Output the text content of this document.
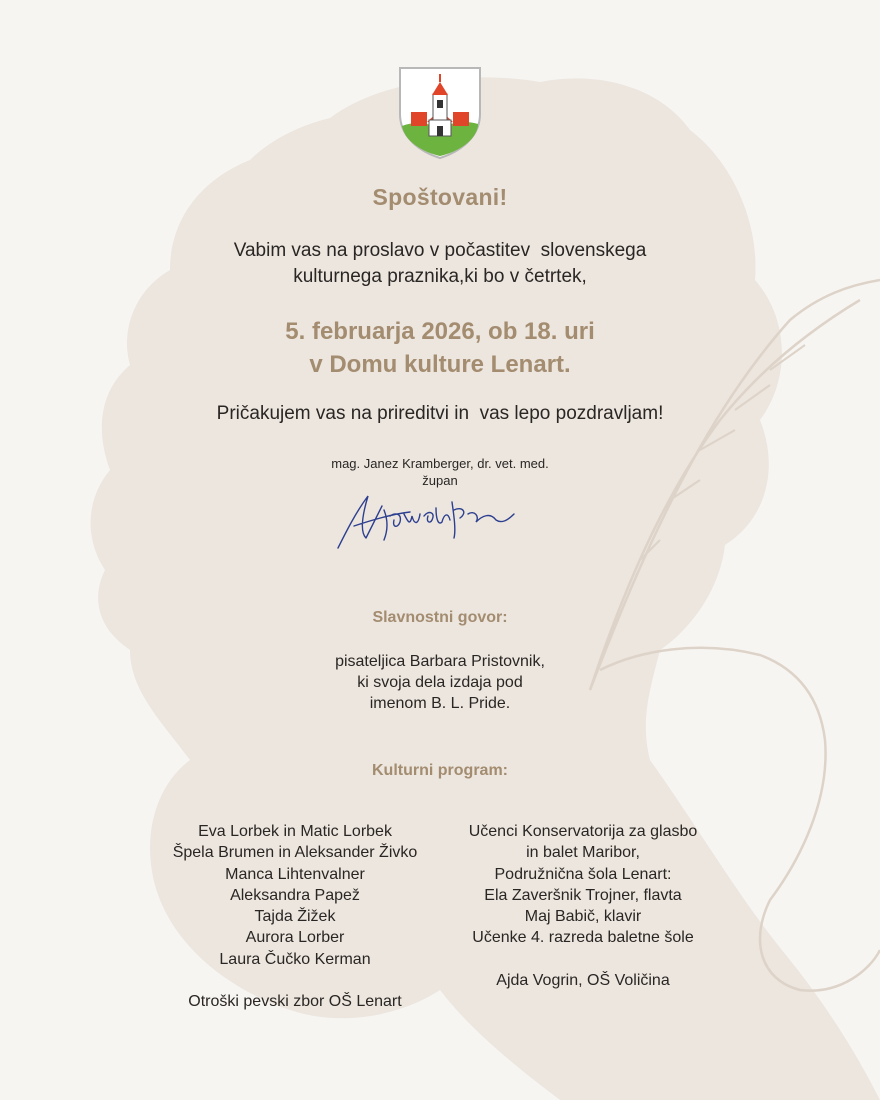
Spoštovani!
Vabim vas na proslavo v počastitev  slovenskega
kulturnega praznika,ki bo v četrtek,
5. februarja 2026, ob 18. uri
v Domu kulture Lenart.
Pričakujem vas na prireditvi in  vas lepo pozdravljam!
mag. Janez Kramberger, dr. vet. med.
župan
Slavnostni govor:
pisateljica Barbara Pristovnik,
ki svoja dela izdaja pod
imenom B. L. Pride.
Kulturni program:
Eva Lorbek in Matic Lorbek
Špela Brumen in Aleksander Živko
Manca Lihtenvalner
Aleksandra Papež
Tajda Žižek
Aurora Lorber
Laura Čučko Kerman
Otroški pevski zbor OŠ Lenart
Učenci Konservatorija za glasbo
in balet Maribor,
Podružnična šola Lenart:
Ela Zaveršnik Trojner, flavta
Maj Babič, klavir
Učenke 4. razreda baletne šole
Ajda Vogrin, OŠ Voličina
